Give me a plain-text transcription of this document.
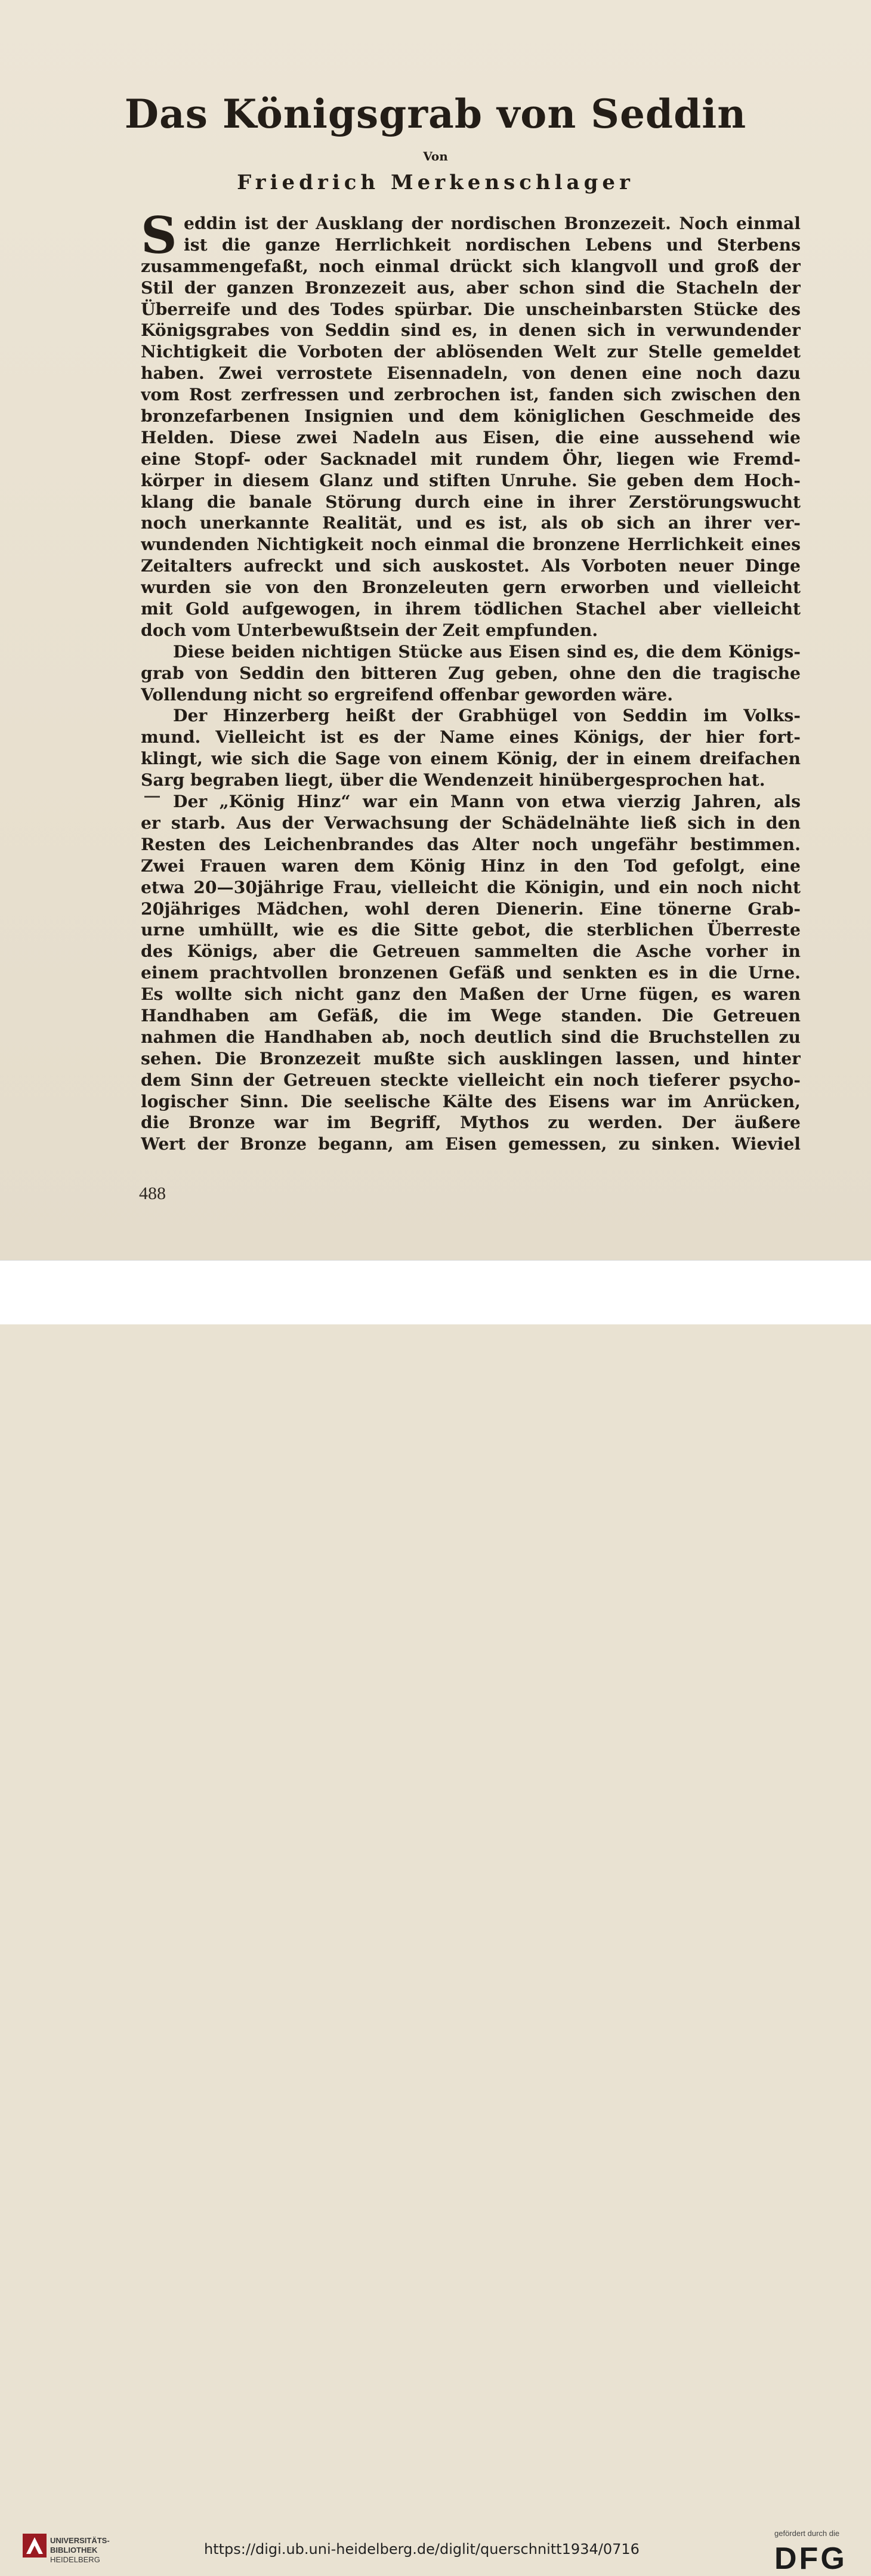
Das Königsgrab von Seddin
Von
Friedrich Merkenschlager
S eddin ist der Ausklang der nordischen Bronzezeit. Noch einmal
ist die ganze Herrlichkeit nordischen Lebens und Sterbens
zusammengefaßt, noch einmal drückt sich klangvoll und groß der
Stil der ganzen Bronzezeit aus, aber schon sind die Stacheln der
Überreife und des Todes spürbar. Die unscheinbarsten Stücke des
Königsgrabes von Seddin sind es, in denen sich in verwundender
Nichtigkeit die Vorboten der ablösenden Welt zur Stelle gemeldet
haben. Zwei verrostete Eisennadeln, von denen eine noch dazu
vom Rost zerfressen und zerbrochen ist, fanden sich zwischen den
bronzefarbenen Insignien und dem königlichen Geschmeide des
Helden. Diese zwei Nadeln aus Eisen, die eine aussehend wie
eine Stopf- oder Sacknadel mit rundem Öhr, liegen wie Fremd-
körper in diesem Glanz und stiften Unruhe. Sie geben dem Hoch-
klang die banale Störung durch eine in ihrer Zerstörungswucht
noch unerkannte Realität, und es ist, als ob sich an ihrer ver-
wundenden Nichtigkeit noch einmal die bronzene Herrlichkeit eines
Zeitalters aufreckt und sich auskostet. Als Vorboten neuer Dinge
wurden sie von den Bronzeleuten gern erworben und vielleicht
mit Gold aufgewogen, in ihrem tödlichen Stachel aber vielleicht
doch vom Unterbewußtsein der Zeit empfunden.
Diese beiden nichtigen Stücke aus Eisen sind es, die dem Königs-
grab von Seddin den bitteren Zug geben, ohne den die tragische
Vollendung nicht so ergreifend offenbar geworden wäre.
Der Hinzerberg heißt der Grabhügel von Seddin im Volks-
mund. Vielleicht ist es der Name eines Königs, der hier fort-
klingt, wie sich die Sage von einem König, der in einem dreifachen
Sarg begraben liegt, über die Wendenzeit hinübergesprochen hat.
Der „König Hinz“ war ein Mann von etwa vierzig Jahren, als
er starb. Aus der Verwachsung der Schädelnähte ließ sich in den
Resten des Leichenbrandes das Alter noch ungefähr bestimmen.
Zwei Frauen waren dem König Hinz in den Tod gefolgt, eine
etwa 20—30jährige Frau, vielleicht die Königin, und ein noch nicht
20jähriges Mädchen, wohl deren Dienerin. Eine tönerne Grab-
urne umhüllt, wie es die Sitte gebot, die sterblichen Überreste
des Königs, aber die Getreuen sammelten die Asche vorher in
einem prachtvollen bronzenen Gefäß und senkten es in die Urne.
Es wollte sich nicht ganz den Maßen der Urne fügen, es waren
Handhaben am Gefäß, die im Wege standen. Die Getreuen
nahmen die Handhaben ab, noch deutlich sind die Bruchstellen zu
sehen. Die Bronzezeit mußte sich ausklingen lassen, und hinter
dem Sinn der Getreuen steckte vielleicht ein noch tieferer psycho-
logischer Sinn. Die seelische Kälte des Eisens war im Anrücken,
die Bronze war im Begriff, Mythos zu werden. Der äußere
Wert der Bronze begann, am Eisen gemessen, zu sinken. Wieviel
488
UNIVERSITÄTS-
BIBLIOTHEK
HEIDELBERG
https://digi.ub.uni-heidelberg.de/diglit/querschnitt1934/0716
gefördert durch die
DFG
